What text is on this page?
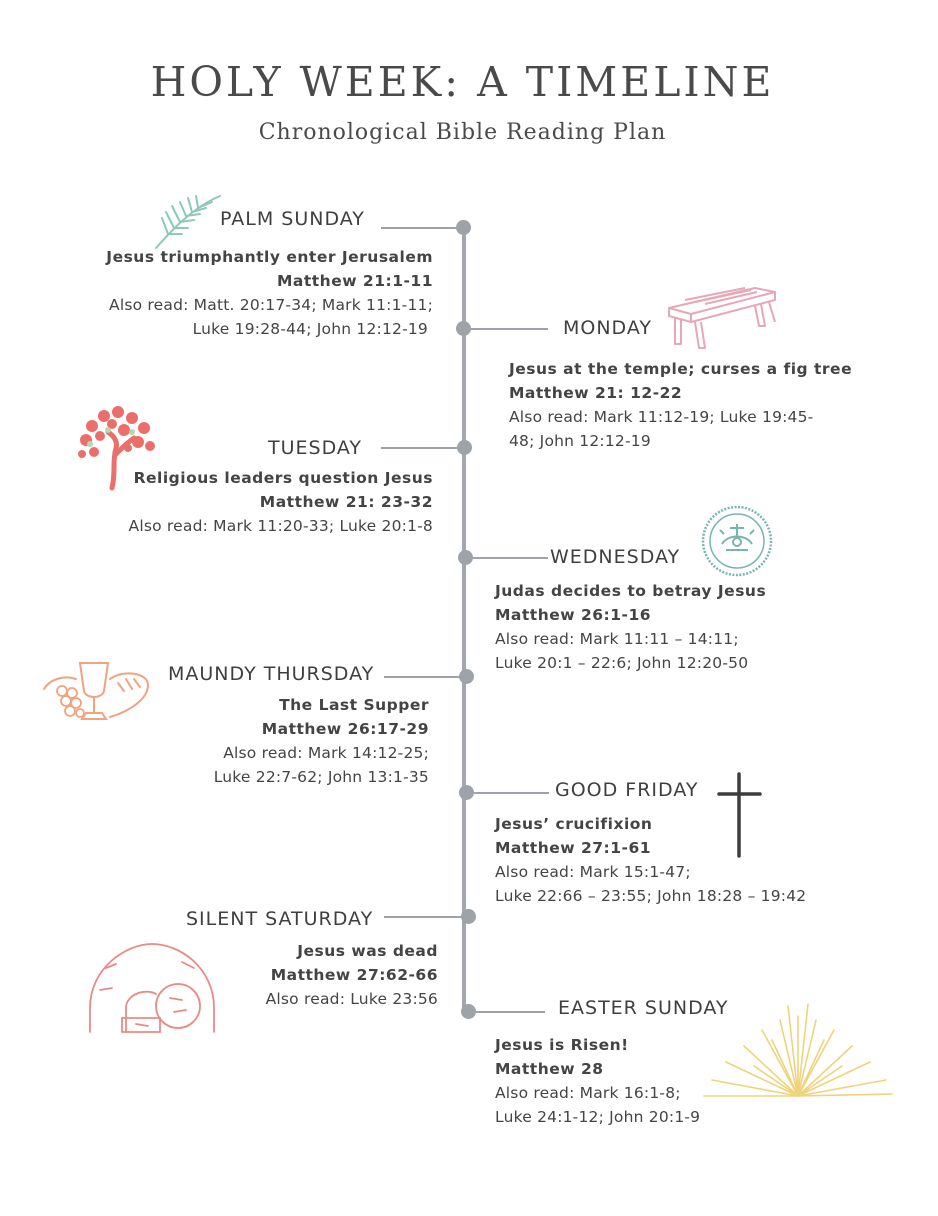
HOLY WEEK: A TIMELINE
Chronological Bible Reading Plan
PALM SUNDAY
Jesus triumphantly enter Jerusalem
Matthew 21:1-11
Also read: Matt. 20:17-34; Mark 11:1-11;
Luke 19:28-44; John 12:12-19	MONDAY
Jesus at the temple; curses a fig tree
Matthew 21: 12-22
Also read: Mark 11:12-19; Luke 19:45-
48; John 12:12-19
TUESDAY
Religious leaders question Jesus
Matthew 21: 23-32
Also read: Mark 11:20-33; Luke 20:1-8
WEDNESDAY
Judas decides to betray Jesus
Matthew 26:1-16
Also read: Mark 11:11 – 14:11;
Luke 20:1 – 22:6; John 12:20-50
MAUNDY THURSDAY
The Last Supper
Matthew 26:17-29
Also read: Mark 14:12-25;
Luke 22:7-62; John 13:1-35
GOOD FRIDAY
Jesus’ crucifixion
Matthew 27:1-61
Also read: Mark 15:1-47;
Luke 22:66 – 23:55; John 18:28 – 19:42
SILENT SATURDAY
Jesus was dead
Matthew 27:62-66
Also read: Luke 23:56	EASTER SUNDAY
Jesus is Risen!
Matthew 28
Also read: Mark 16:1-8;
Luke 24:1-12; John 20:1-9
